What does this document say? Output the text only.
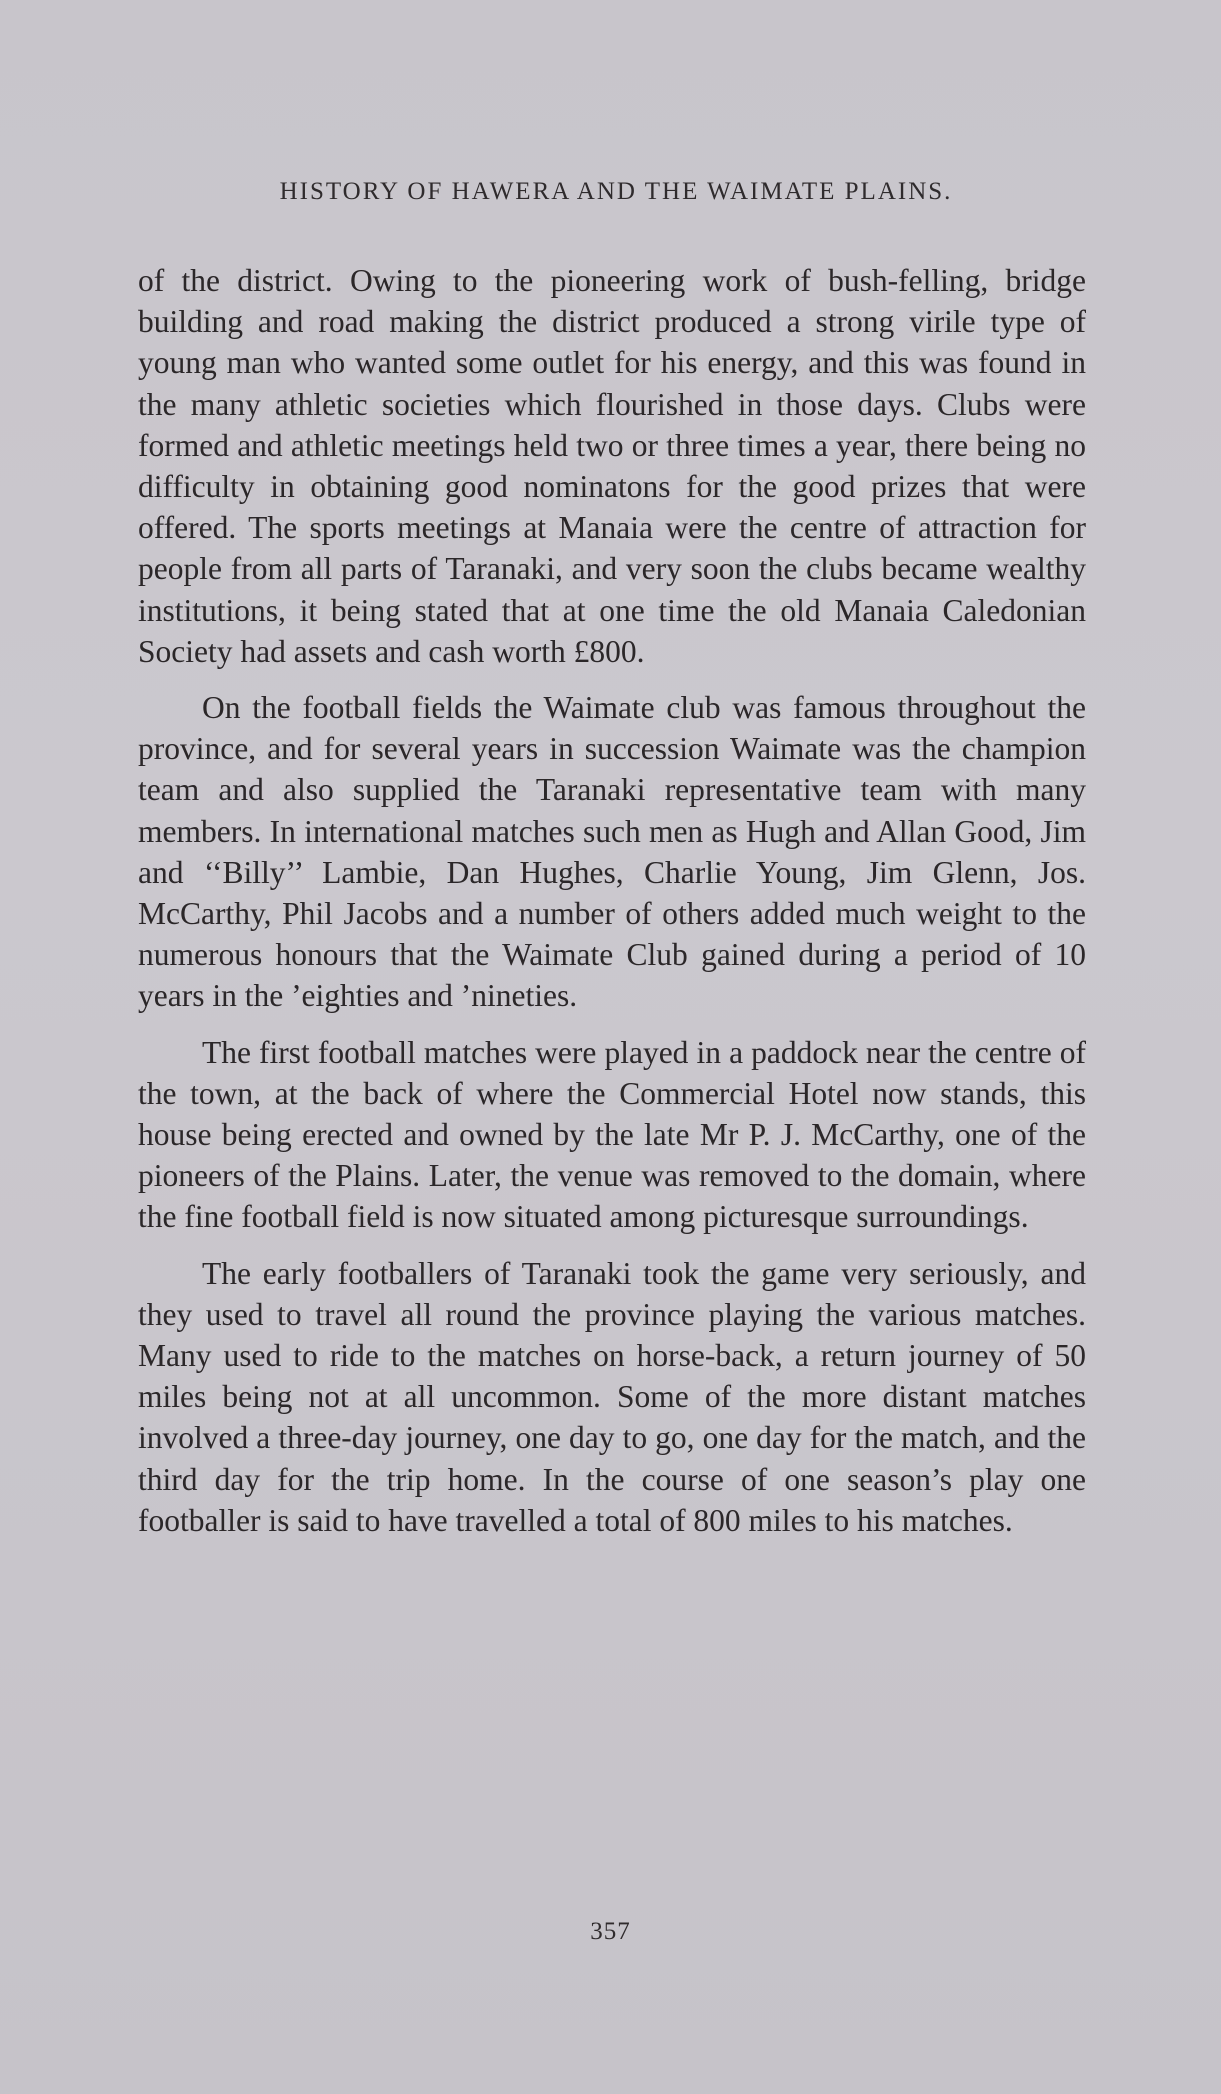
HISTORY OF HAWERA AND THE WAIMATE PLAINS.

of the district. Owing to the pioneering work of bush-felling, bridge building and road making the district produced a strong virile type of young man who wanted some outlet for his energy, and this was found in the many athletic societies which flourished in those days. Clubs were formed and athletic meetings held two or three times a year, there being no difficulty in obtaining good nominatons for the good prizes that were offered. The sports meetings at Manaia were the centre of attraction for people from all parts of Taranaki, and very soon the clubs became wealthy institutions, it being stated that at one time the old Manaia Caledonian Society had assets and cash worth £800.

On the football fields the Waimate club was famous throughout the province, and for several years in succession Waimate was the champion team and also supplied the Taranaki representative team with many members. In international matches such men as Hugh and Allan Good, Jim and ‘‘Billy’’ Lambie, Dan Hughes, Charlie Young, Jim Glenn, Jos. McCarthy, Phil Jacobs and a number of others added much weight to the numerous honours that the Waimate Club gained during a period of 10 years in the ’eighties and ’nineties.

The first football matches were played in a paddock near the centre of the town, at the back of where the Commercial Hotel now stands, this house being erected and owned by the late Mr P. J. McCarthy, one of the pioneers of the Plains. Later, the venue was removed to the domain, where the fine football field is now situated among picturesque surroundings.

The early footballers of Taranaki took the game very seriously, and they used to travel all round the province playing the various matches. Many used to ride to the matches on horse-back, a return journey of 50 miles being not at all uncommon. Some of the more distant matches involved a three-day journey, one day to go, one day for the match, and the third day for the trip home. In the course of one season’s play one footballer is said to have travelled a total of 800 miles to his matches.

357
